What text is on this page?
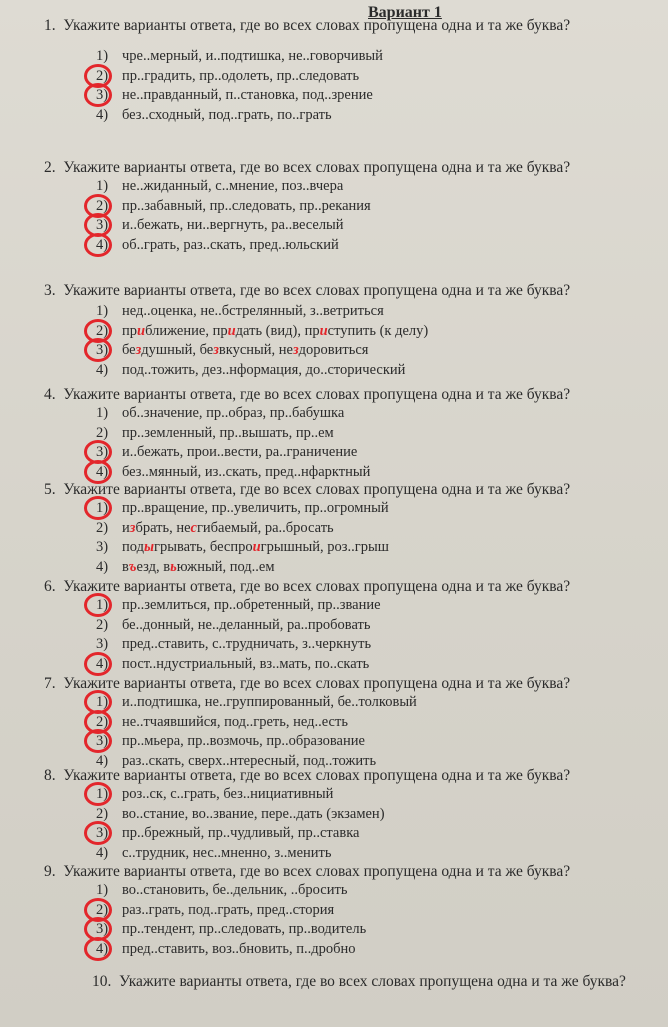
Вариант 1
1. Укажите варианты ответа, где во всех словах пропущена одна и та же буква?
1) чре..мерный, и..подтишка, не..говорчивый
2) пр..градить, пр..одолеть, пр..следовать
3) не..правданный, п..становка, под..зрение
4) без..сходный, под..грать, по..грать
2. Укажите варианты ответа, где во всех словах пропущена одна и та же буква?
1) не..жиданный, с..мнение, поз..вчера
2) пр..забавный, пр..следовать, пр..рекания
3) и..бежать, ни..вергнуть, ра..веселый
4) об..грать, раз..скать, пред..юльский
3. Укажите варианты ответа, где во всех словах пропущена одна и та же буква?
1) нед..оценка, не..бстрелянный, з..ветриться
2) приближение, придать (вид), приступить (к делу)
3) бездушный, безвкусный, нездоровиться
4) под..тожить, дез..нформация, до..сторический
4. Укажите варианты ответа, где во всех словах пропущена одна и та же буква?
1) об..значение, пр..образ, пр..бабушка
2) пр..земленный, пр..вышать, пр..ем
3) и..бежать, прои..вести, ра..граничение
4) без..мянный, из..скать, пред..нфарктный
5. Укажите варианты ответа, где во всех словах пропущена одна и та же буква?
1) пр..вращение, пр..увеличить, пр..огромный
2) избрать, несгибаемый, ра..бросать
3) подыгрывать, беспроигрышный, роз..грыш
4) въезд, вьюжный, под..ем
6. Укажите варианты ответа, где во всех словах пропущена одна и та же буква?
1) пр..землиться, пр..обретенный, пр..звание
2) бе..донный, не..деланный, ра..пробовать
3) пред..ставить, с..трудничать, з..черкнуть
4) пост..ндустриальный, вз..мать, по..скать
7. Укажите варианты ответа, где во всех словах пропущена одна и та же буква?
1) и..подтишка, не..группированный, бе..толковый
2) не..тчаявшийся, под..греть, нед..есть
3) пр..мьера, пр..возмочь, пр..образование
4) раз..скать, сверх..нтересный, под..тожить
8. Укажите варианты ответа, где во всех словах пропущена одна и та же буква?
1) роз..ск, с..грать, без..нициативный
2) во..стание, во..звание, пере..дать (экзамен)
3) пр..брежный, пр..чудливый, пр..ставка
4) с..трудник, нес..мненно, з..менить
9. Укажите варианты ответа, где во всех словах пропущена одна и та же буква?
1) во..становить, бе..дельник, ..бросить
2) раз..грать, под..грать, пред..стория
3) пр..тендент, пр..следовать, пр..водитель
4) пред..ставить, воз..бновить, п..дробно
10. Укажите варианты ответа, где во всех словах пропущена одна и та же буква?
